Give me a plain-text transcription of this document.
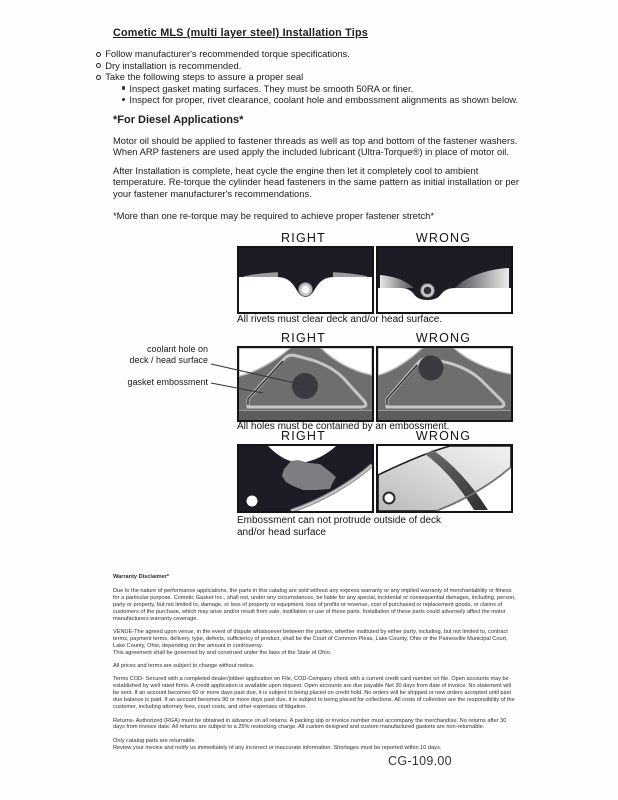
Cometic MLS (multi layer steel) Installation Tips
Follow manufacturer's recommended torque specifications.
Dry installation is recommended.
Take the following steps to assure a proper seal
Inspect gasket mating surfaces. They must be smooth 50RA or finer.
Inspect for proper, rivet clearance, coolant hole and embossment alignments as shown below.
*For Diesel Applications*

Motor oil should be applied to fastener threads as well as top and bottom of the fastener washers. When ARP fasteners are used apply the included lubricant (Ultra-Torque®) in place of motor oil.

After Installation is complete, heat cycle the engine then let it completely cool to ambient temperature. Re-torque the cylinder head fasteners in the same pattern as initial installation or per your fastener manufacturer's recommendations.

*More than one re-torque may be required to achieve proper fastener stretch*

RIGHT	WRONG
All rivets must clear deck and/or head surface.
RIGHT	WRONG
coolant hole on
deck / head surface
gasket embossment
All holes must be contained by an embossment.
RIGHT	WRONG
Embossment can not protrude outside of deck
and/or head surface

Warranty Disclaimer*

Due to the nature of performance applications, the parts in this catalog are sold without any express warranty or any implied warranty of merchantability or fitness for a particular purpose. Cometic Gasket Inc., shall not, under any circumstances, be liable for any special, incidental or consequential damages, including, person, party or property, but not limited to, damage, or loss of property or equipment, loss of profits or revenue, cost of purchased or replacement goods, or claims of customers of the purchase, which may arise and/or result from sale, instillation or use of these parts. Installation of these parts could adversely affect the motor manufacturers warranty coverage.

VENUE-The agreed upon venue, in the event of dispute whatsoever between the parties, whether instituted by either party, including, but not limited to, contract terms, payment terms, delivery, type, defects, sufficiency of product, shall be the Court of Common Pleas, Lake County, Ohio or the Painesville Municipal Court, Lake County, Ohio, depending on the amount in controversy.

This agreement shall be governed by and construed under the laws of the State of Ohio.

All prices and terms are subject to change without notice.

Terms COD- Secured with a completed dealer/jobber application on File, COD-Company check with a current credit card number on file. Open accounts may be established by well rated firms. A credit application is available upon request. Open accounts are due payable Net 30 days from date of invoice. No statement will be sent. If an account becomes 60 or more days past due, it is subject to being placed on credit hold. No orders will be shipped or new orders accepted until past due balance is paid. If an account becomes 90 or more days past due, it is subject to being placed for collections. All costs of collection are the responsibility of the customer, including attorney fees, court costs, and other expenses of litigation.

Returns- Authorized (RGA) must be obtained in advance on all returns. A packing slip or invoice number must accompany the merchandise. No returns after 30 days from invoice date. All returns are subject to a 25% restocking charge. All custom designed and custom manufactured gaskets are non-returnable.

Only catalog parts are returnable.

Review your invoice and notify us immediately of any incorrect or inaccurate information. Shortages must be reported within 10 days.

CG-109.00
